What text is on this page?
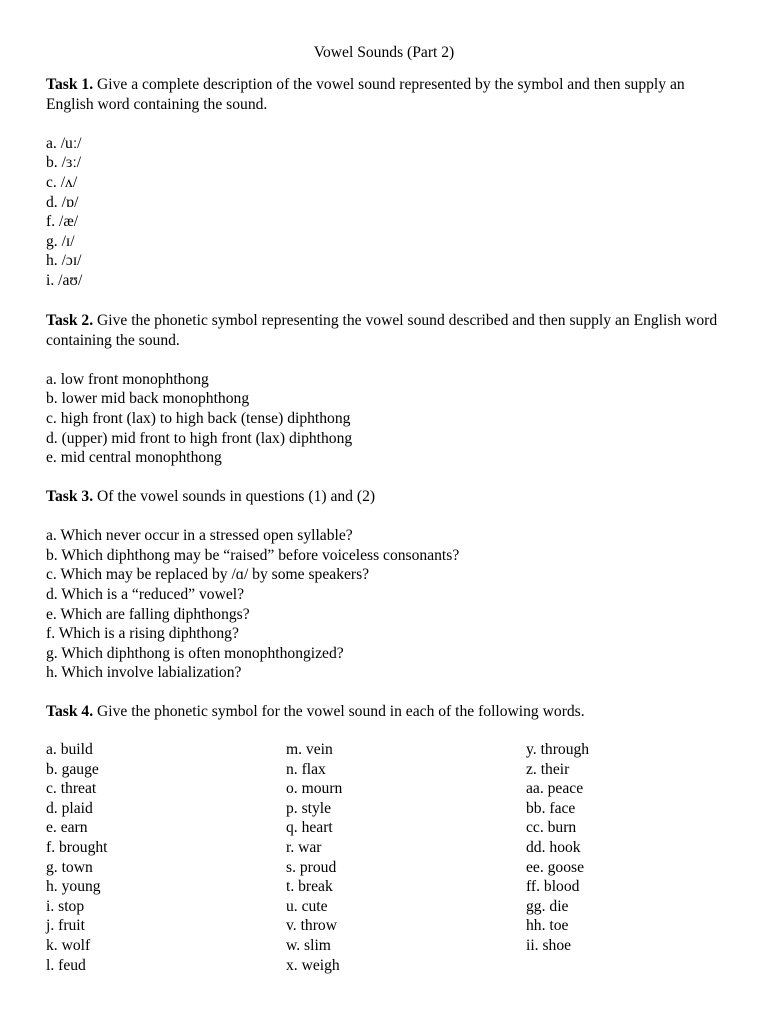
Vowel Sounds (Part 2)
Task 1. Give a complete description of the vowel sound represented by the symbol and then supply an English word containing the sound.
a. /uː/
b. /ɜː/
c. /ʌ/
d. /ɒ/
f. /æ/
g. /ɪ/
h. /ɔɪ/
i. /aʊ/
Task 2. Give the phonetic symbol representing the vowel sound described and then supply an English word containing the sound.
a. low front monophthong
b. lower mid back monophthong
c. high front (lax) to high back (tense) diphthong
d. (upper) mid front to high front (lax) diphthong
e. mid central monophthong
Task 3. Of the vowel sounds in questions (1) and (2)
a. Which never occur in a stressed open syllable?
b. Which diphthong may be “raised” before voiceless consonants?
c. Which may be replaced by /ɑ/ by some speakers?
d. Which is a “reduced” vowel?
e. Which are falling diphthongs?
f. Which is a rising diphthong?
g. Which diphthong is often monophthongized?
h. Which involve labialization?
Task 4. Give the phonetic symbol for the vowel sound in each of the following words.
a. build
b. gauge
c. threat
d. plaid
e. earn
f. brought
g. town
h. young
i. stop
j. fruit
k. wolf
l. feud
m. vein
n. flax
o. mourn
p. style
q. heart
r. war
s. proud
t. break
u. cute
v. throw
w. slim
x. weigh
y. through
z. their
aa. peace
bb. face
cc. burn
dd. hook
ee. goose
ff. blood
gg. die
hh. toe
ii. shoe
